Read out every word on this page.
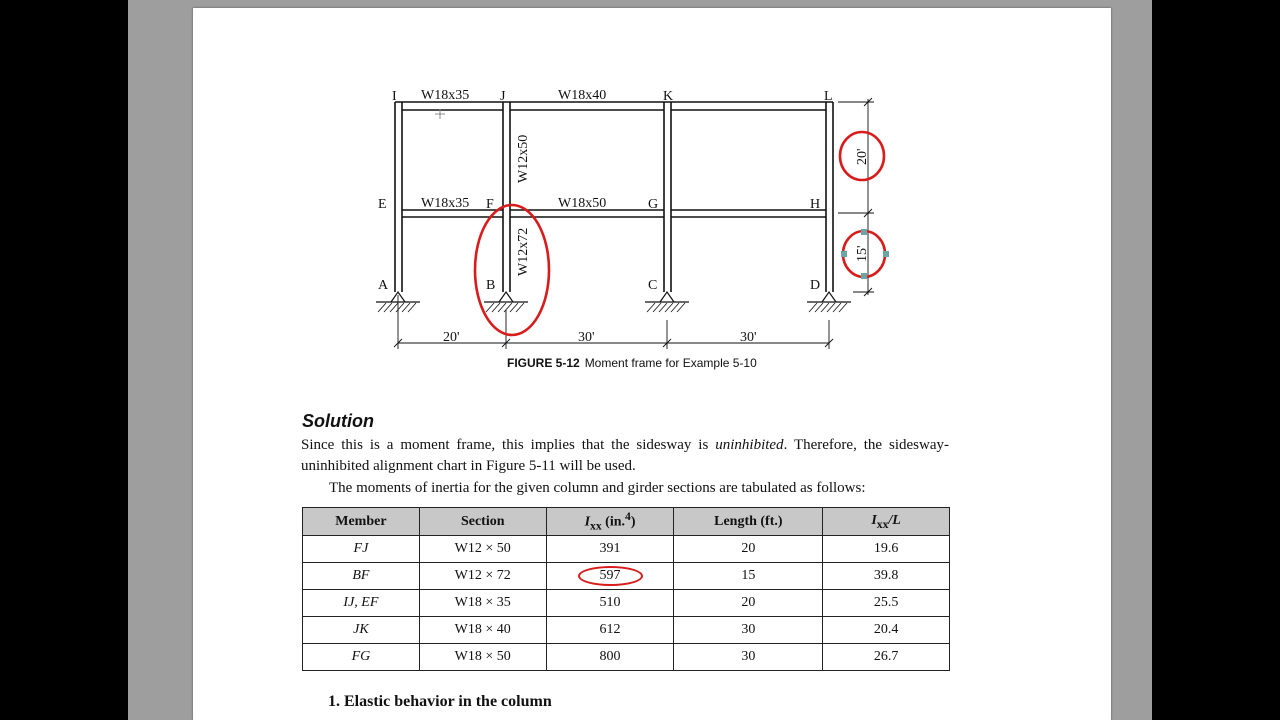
I	J	K	L
E	F	G	H
A	B	C	D
W18x35	W18x40
W18x35	W18x50
W12x50
W12x72
20'	30'	30'
20'
15'
FIGURE 5-12 Moment frame for Example 5-10
Solution

Since this is a moment frame, this implies that the sidesway is uninhibited. Therefore, the sidesway-uninhibited alignment chart in Figure 5-11 will be used.

The moments of inertia for the given column and girder sections are tabulated as follows:

Member	Section	$I_{xx}$ (in.$^4$)	Length (ft.)	$I_{xx}/L$
FJ	W12 × 50	391	20	19.6
BF	W12 × 72	597	15	39.8
IJ, EF	W18 × 35	510	20	25.5
JK	W18 × 40	612	30	20.4
FG	W18 × 50	800	30	26.7

1. Elastic behavior in the column
